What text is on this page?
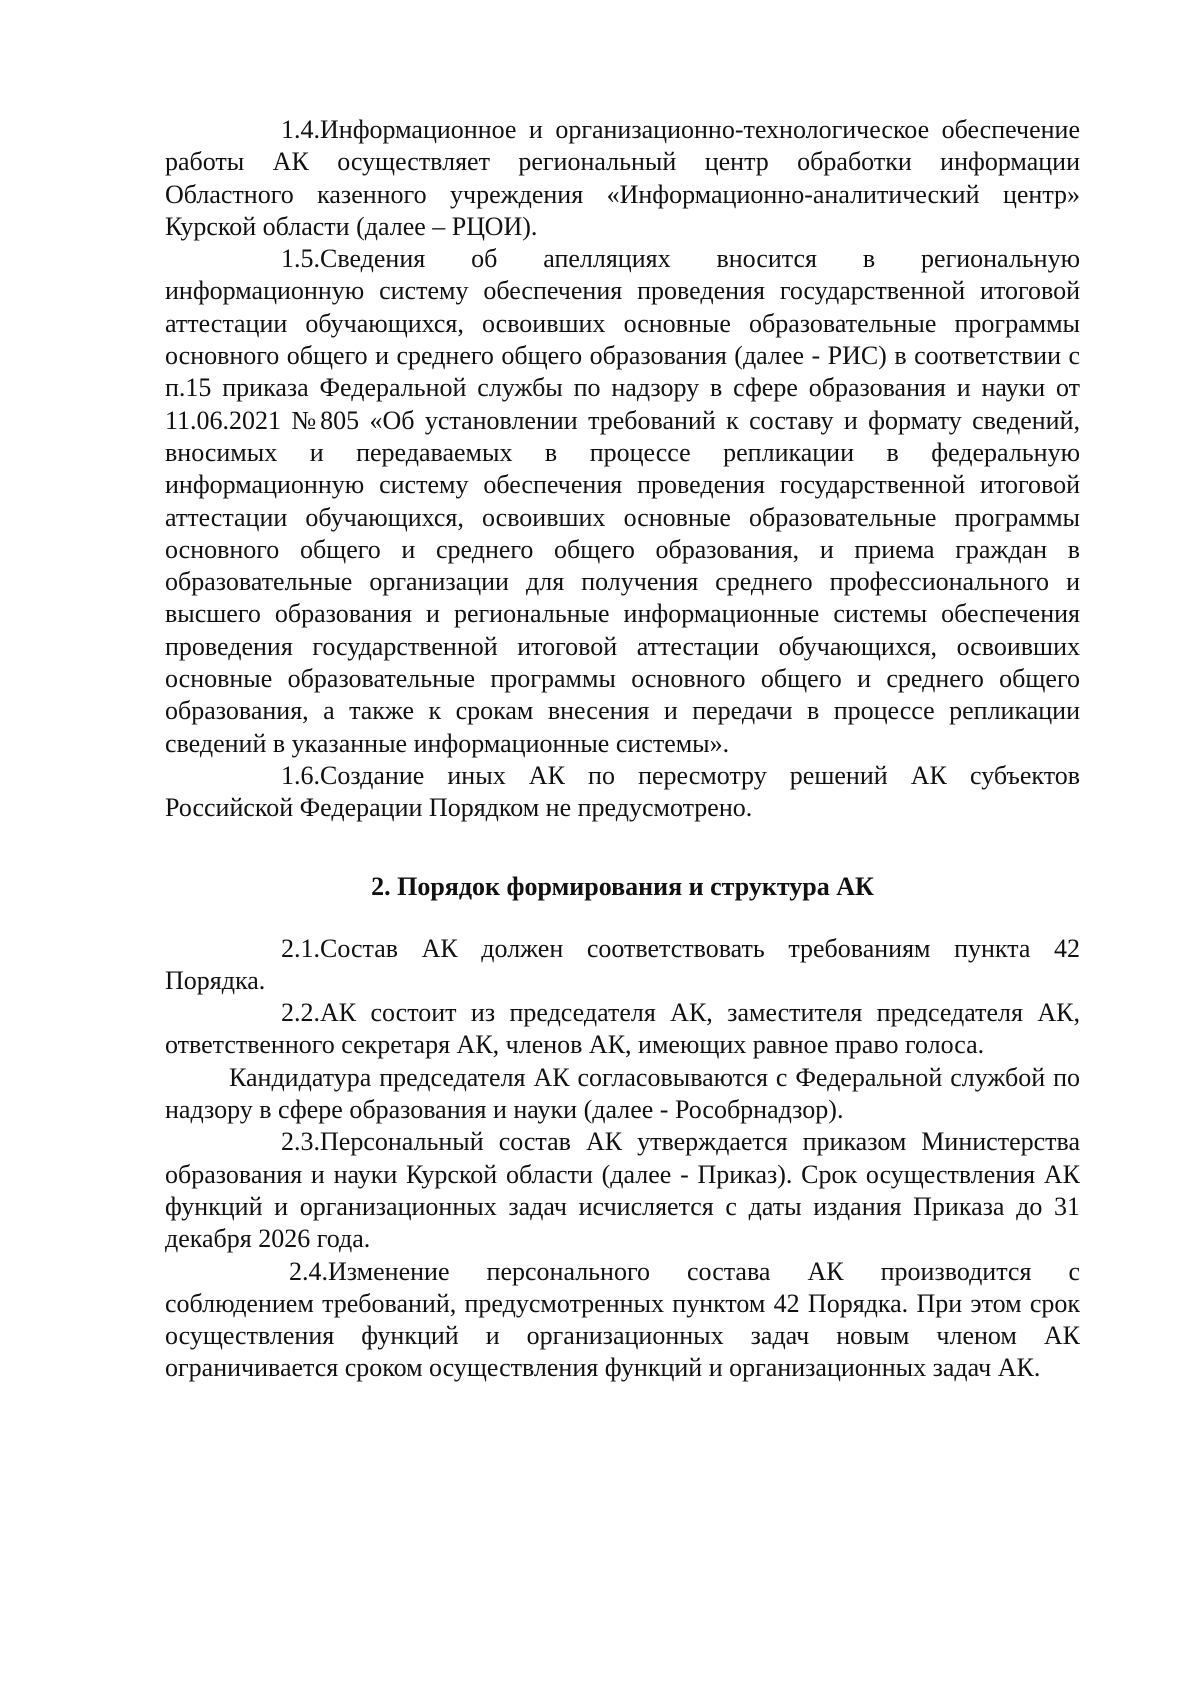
1.4.Информационное и организационно-технологическое обеспечение работы АК осуществляет региональный центр обработки информации Областного казенного учреждения «Информационно-аналитический центр» Курской области (далее – РЦОИ).

1.5.Сведения об апелляциях вносится в региональную информационную систему обеспечения проведения государственной итоговой аттестации обучающихся, освоивших основные образовательные программы основного общего и среднего общего образования (далее - РИС) в соответствии с п.15 приказа Федеральной службы по надзору в сфере образования и науки от 11.06.2021 №805 «Об установлении требований к составу и формату сведений, вносимых и передаваемых в процессе репликации в федеральную информационную систему обеспечения проведения государственной итоговой аттестации обучающихся, освоивших основные образовательные программы основного общего и среднего общего образования, и приема граждан в образовательные организации для получения среднего профессионального и высшего образования и региональные информационные системы обеспечения проведения государственной итоговой аттестации обучающихся, освоивших основные образовательные программы основного общего и среднего общего образования, а также к срокам внесения и передачи в процессе репликации сведений в указанные информационные системы».

1.6.Создание иных АК по пересмотру решений АК субъектов Российской Федерации Порядком не предусмотрено.

2. Порядок формирования и структура АК

2.1.Состав АК должен соответствовать требованиям пункта 42 Порядка.

2.2.АК состоит из председателя АК, заместителя председателя АК, ответственного секретаря АК, членов АК, имеющих равное право голоса.

Кандидатура председателя АК согласовываются с Федеральной службой по надзору в сфере образования и науки (далее - Рособрнадзор).

2.3.Персональный состав АК утверждается приказом Министерства образования и науки Курской области (далее - Приказ). Срок осуществления АК функций и организационных задач исчисляется с даты издания Приказа до 31 декабря 2026 года.

2.4.Изменение персонального состава АК производится с соблюдением требований, предусмотренных пунктом 42 Порядка. При этом срок осуществления функций и организационных задач новым членом АК ограничивается сроком осуществления функций и организационных задач АК.
